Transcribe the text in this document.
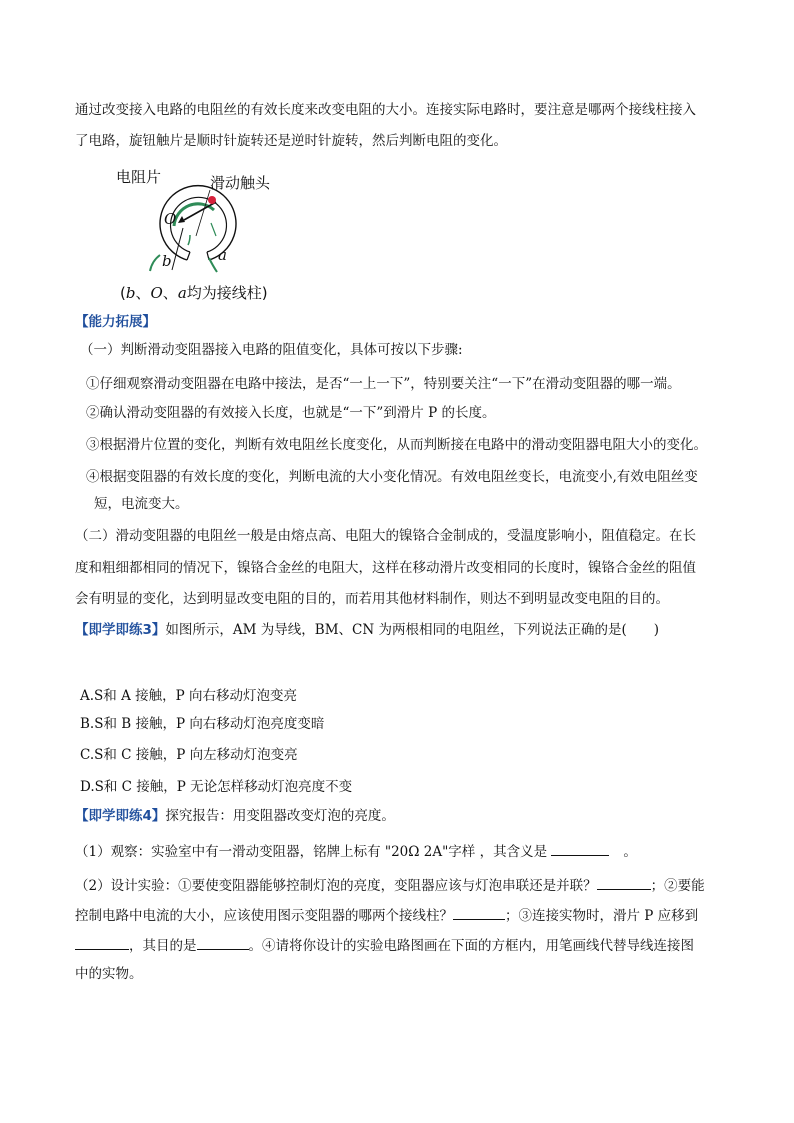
通过改变接入电路的电阻丝的有效长度来改变电阻的大小。连接实际电路时，要注意是哪两个接线柱接入
了电路，旋钮触片是顺时针旋转还是逆时针旋转，然后判断电阻的变化。
电阻片	滑动触头
O
a
b
(b、O、a均为接线柱)
【能力拓展】
（一）判断滑动变阻器接入电路的阻值变化，具体可按以下步骤:
①仔细观察滑动变阻器在电路中接法，是否“一上一下”，特别要关注“一下”在滑动变阻器的哪一端。
②确认滑动变阻器的有效接入长度，也就是“一下”到滑片 P 的长度。
③根据滑片位置的变化，判断有效电阻丝长度变化，从而判断接在电路中的滑动变阻器电阻大小的变化。
④根据变阻器的有效长度的变化，判断电流的大小变化情况。有效电阻丝变长，电流变小,有效电阻丝变
短，电流变大。
（二）滑动变阻器的电阻丝一般是由熔点高、电阻大的镍铬合金制成的，受温度影响小，阻值稳定。在长
度和粗细都相同的情况下，镍铬合金丝的电阻大，这样在移动滑片改变相同的长度时，镍铬合金丝的阻值
会有明显的变化，达到明显改变电阻的目的，而若用其他材料制作，则达不到明显改变电阻的目的。
【即学即练3】如图所示，AM 为导线，BM、CN 为两根相同的电阻丝，下列说法正确的是(　　)
A.S和 A 接触，P 向右移动灯泡变亮
B.S和 B 接触，P 向右移动灯泡亮度变暗
C.S和 C 接触，P 向左移动灯泡变亮
D.S和 C 接触，P 无论怎样移动灯泡亮度不变
【即学即练4】探究报告：用变阻器改变灯泡的亮度。
（1）观察：实验室中有一滑动变阻器，铭牌上标有 "20Ω 2A"字样 ，其含义是	。
（2）设计实验：①要使变阻器能够控制灯泡的亮度，变阻器应该与灯泡串联还是并联？	；②要能
控制电路中电流的大小，应该使用图示变阻器的哪两个接线柱？	；③连接实物时，滑片 P 应移到
，其目的是	。④请将你设计的实验电路图画在下面的方框内，用笔画线代替导线连接图
中的实物。
